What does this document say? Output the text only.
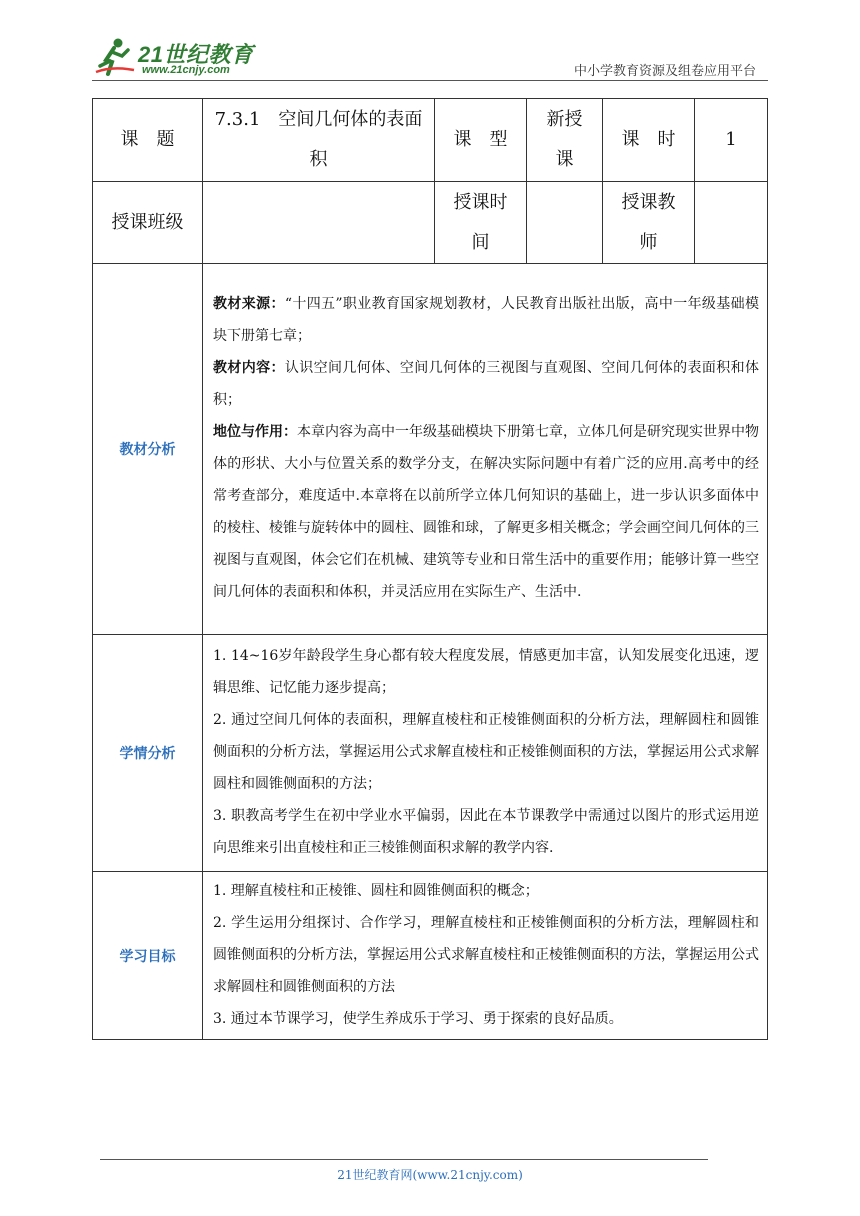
21世纪教育
www.21cnjy.com	中小学教育资源及组卷应用平台
课　题	7.3.1　空间几何体的表面积	课　型	新授课	课　时	1
授课班级		授课时间		授课教师	
教材分析	教材来源：“十四五”职业教育国家规划教材，人民教育出版社出版，高中一年级基础模块下册第七章；

教材内容：认识空间几何体、空间几何体的三视图与直观图、空间几何体的表面积和体积；

地位与作用：本章内容为高中一年级基础模块下册第七章，立体几何是研究现实世界中物体的形状、大小与位置关系的数学分支，在解决实际问题中有着广泛的应用.高考中的经常考查部分，难度适中.本章将在以前所学立体几何知识的基础上，进一步认识多面体中的棱柱、棱锥与旋转体中的圆柱、圆锥和球，了解更多相关概念；学会画空间几何体的三视图与直观图，体会它们在机械、建筑等专业和日常生活中的重要作用；能够计算一些空间几何体的表面积和体积，并灵活应用在实际生产、生活中.				

学情分析	1. 14~16岁年龄段学生身心都有较大程度发展，情感更加丰富，认知发展变化迅速，逻辑思维、记忆能力逐步提高；

2. 通过空间几何体的表面积，理解直棱柱和正棱锥侧面积的分析方法，理解圆柱和圆锥侧面积的分析方法，掌握运用公式求解直棱柱和正棱锥侧面积的方法，掌握运用公式求解圆柱和圆锥侧面积的方法；

3. 职教高考学生在初中学业水平偏弱，因此在本节课教学中需通过以图片的形式运用逆向思维来引出直棱柱和正三棱锥侧面积求解的教学内容.				

学习目标	1. 理解直棱柱和正棱锥、圆柱和圆锥侧面积的概念；

2. 学生运用分组探讨、合作学习，理解直棱柱和正棱锥侧面积的分析方法，理解圆柱和圆锥侧面积的分析方法，掌握运用公式求解直棱柱和正棱锥侧面积的方法，掌握运用公式求解圆柱和圆锥侧面积的方法

3. 通过本节课学习，使学生养成乐于学习、勇于探索的良好品质。				

21世纪教育网(www.21cnjy.com)
